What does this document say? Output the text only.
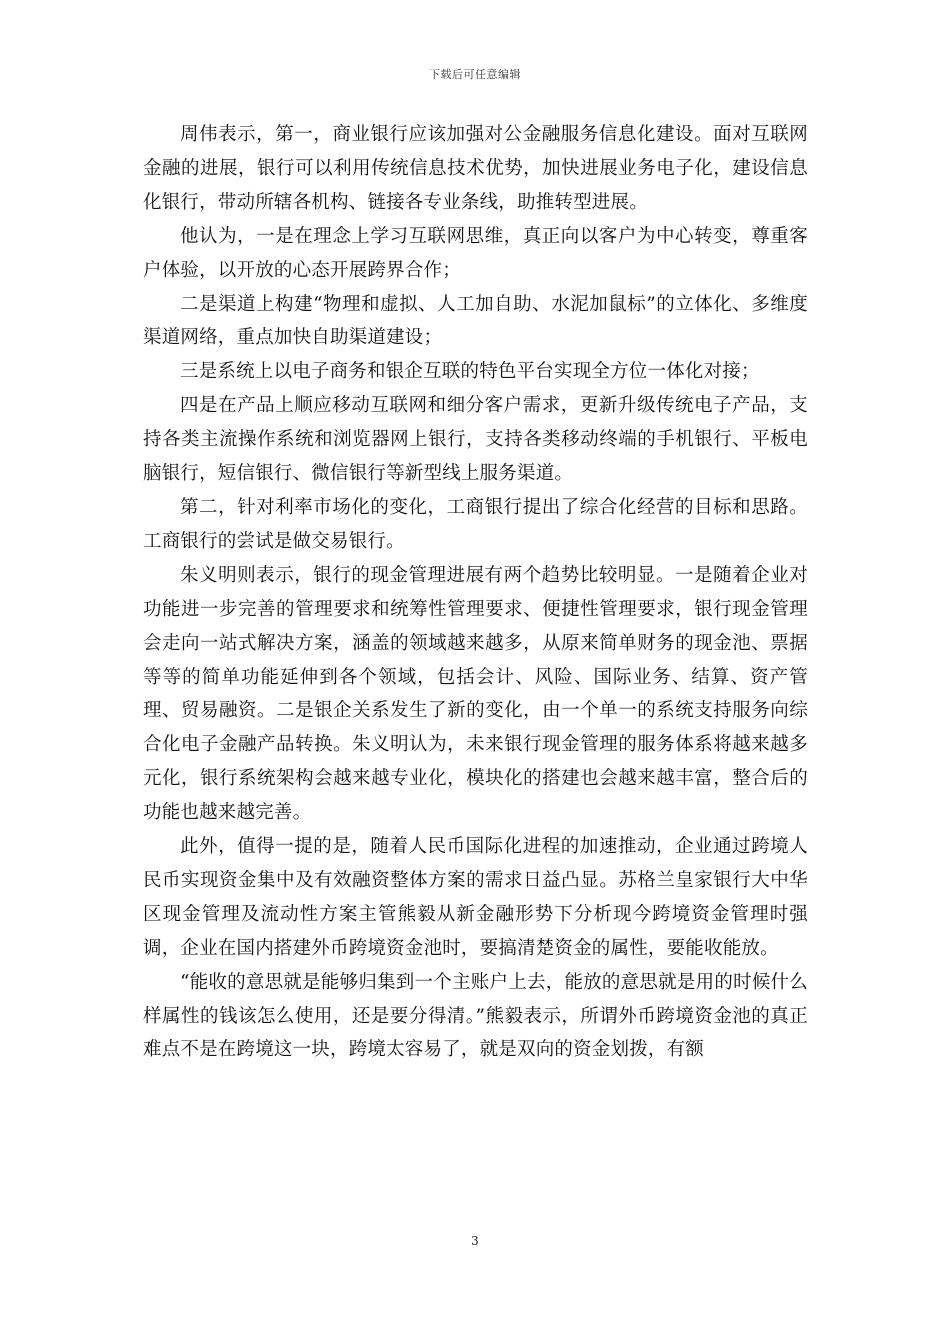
下载后可任意编辑

周伟表示，第一，商业银行应该加强对公金融服务信息化建设。面对互联网金融的进展，银行可以利用传统信息技术优势，加快进展业务电子化，建设信息化银行，带动所辖各机构、链接各专业条线，助推转型进展。

他认为，一是在理念上学习互联网思维，真正向以客户为中心转变，尊重客户体验，以开放的心态开展跨界合作；

二是渠道上构建“物理和虚拟、人工加自助、水泥加鼠标”的立体化、多维度渠道网络，重点加快自助渠道建设；

三是系统上以电子商务和银企互联的特色平台实现全方位一体化对接；

四是在产品上顺应移动互联网和细分客户需求，更新升级传统电子产品，支持各类主流操作系统和浏览器网上银行，支持各类移动终端的手机银行、平板电脑银行，短信银行、微信银行等新型线上服务渠道。

第二，针对利率市场化的变化，工商银行提出了综合化经营的目标和思路。工商银行的尝试是做交易银行。

朱义明则表示，银行的现金管理进展有两个趋势比较明显。一是随着企业对功能进一步完善的管理要求和统筹性管理要求、便捷性管理要求，银行现金管理会走向一站式解决方案，涵盖的领域越来越多，从原来简单财务的现金池、票据等等的简单功能延伸到各个领域，包括会计、风险、国际业务、结算、资产管理、贸易融资。二是银企关系发生了新的变化，由一个单一的系统支持服务向综合化电子金融产品转换。朱义明认为，未来银行现金管理的服务体系将越来越多元化，银行系统架构会越来越专业化，模块化的搭建也会越来越丰富，整合后的功能也越来越完善。

此外，值得一提的是，随着人民币国际化进程的加速推动，企业通过跨境人民币实现资金集中及有效融资整体方案的需求日益凸显。苏格兰皇家银行大中华区现金管理及流动性方案主管熊毅从新金融形势下分析现今跨境资金管理时强调，企业在国内搭建外币跨境资金池时，要搞清楚资金的属性，要能收能放。

“能收的意思就是能够归集到一个主账户上去，能放的意思就是用的时候什么样属性的钱该怎么使用，还是要分得清。”熊毅表示，所谓外币跨境资金池的真正难点不是在跨境这一块，跨境太容易了，就是双向的资金划拨，有额

3
